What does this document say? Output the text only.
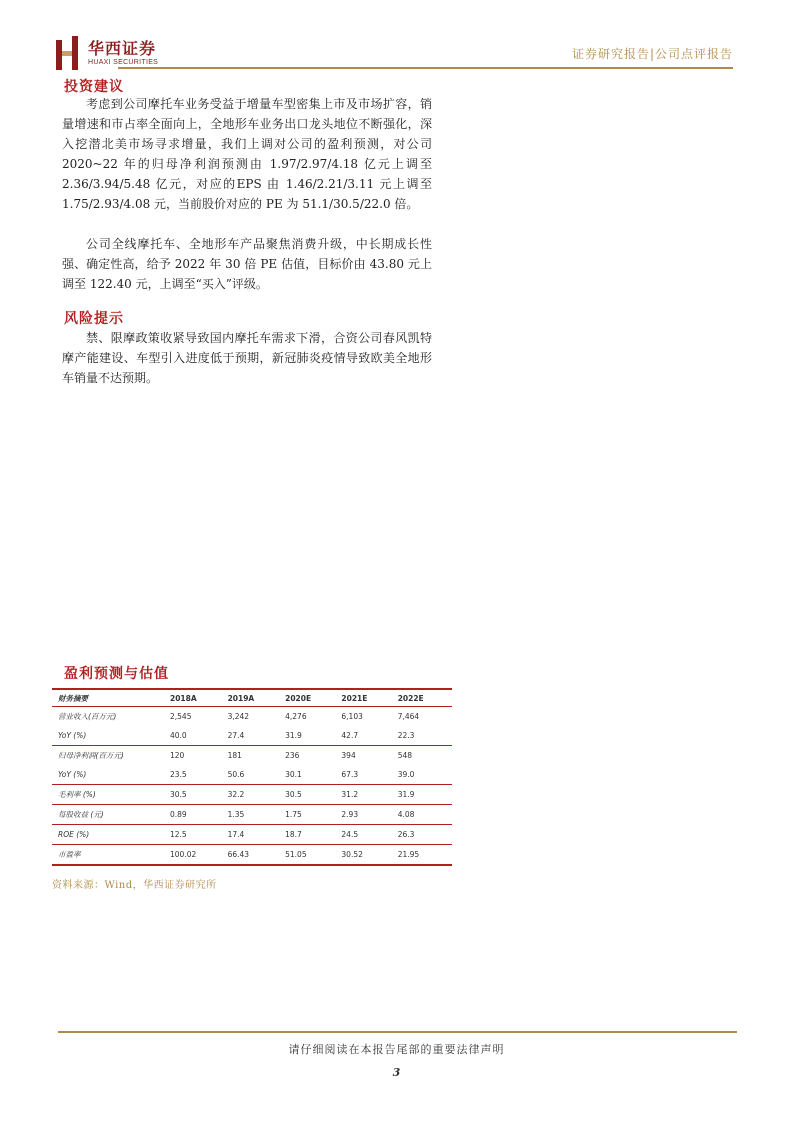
华西证券
HUAXI SECURITIES
证券研究报告|公司点评报告
投资建议

考虑到公司摩托车业务受益于增量车型密集上市及市场扩容，销量增速和市占率全面向上，全地形车业务出口龙头地位不断强化，深入挖潜北美市场寻求增量，我们上调对公司的盈利预测，对公司 2020~22 年的归母净利润预测由 1.97/2.97/4.18 亿元上调至 2.36/3.94/5.48 亿元，对应的EPS 由 1.46/2.21/3.11 元上调至 1.75/2.93/4.08 元，当前股价对应的 PE 为 51.1/30.5/22.0 倍。

公司全线摩托车、全地形车产品聚焦消费升级，中长期成长性强、确定性高，给予 2022 年 30 倍 PE 估值，目标价由 43.80 元上调至 122.40 元，上调至“买入”评级。

风险提示

禁、限摩政策收紧导致国内摩托车需求下滑，合资公司春风凯特摩产能建设、车型引入进度低于预期，新冠肺炎疫情导致欧美全地形车销量不达预期。

盈利预测与估值
财务摘要	2018A	2019A	2020E	2021E	2022E
营业收入(百万元)	2,545	3,242	4,276	6,103	7,464
YoY (%)	40.0	27.4	31.9	42.7	22.3
归母净利润(百万元)	120	181	236	394	548
YoY (%)	23.5	50.6	30.1	67.3	39.0
毛利率 (%)	30.5	32.2	30.5	31.2	31.9
每股收益 (元)	0.89	1.35	1.75	2.93	4.08
ROE (%)	12.5	17.4	18.7	24.5	26.3
市盈率	100.02	66.43	51.05	30.52	21.95
资料来源：Wind，华西证券研究所
请仔细阅读在本报告尾部的重要法律声明
3
